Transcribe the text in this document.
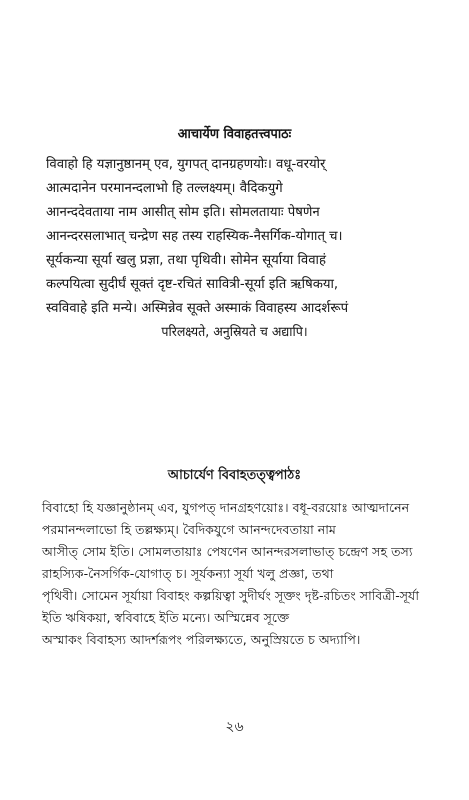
आचार्येण विवाहतत्त्वपाठः
विवाहो हि यज्ञानुष्ठानम् एव, युगपत् दानग्रहणयोः। वधू-वरयोर्
आत्मदानेन परमानन्दलाभो हि तल्लक्ष्यम्। वैदिकयुगे
आनन्ददेवताया नाम आसीत् सोम इति। सोमलतायाः पेषणेन
आनन्दरसलाभात् चन्द्रेण सह तस्य राहस्यिक-नैसर्गिक-योगात् च।
सूर्यकन्या सूर्या खलु प्रज्ञा, तथा पृथिवी। सोमेन सूर्याया विवाहं
कल्पयित्वा सुदीर्घं सूक्तं दृष्ट-रचितं सावित्री-सूर्या इति ऋषिकया,
स्वविवाहे इति मन्ये। अस्मिन्नेव सूक्ते अस्माकं विवाहस्य आदर्शरूपं
परिलक्ष्यते, अनुस्रियते च अद्यापि।
আচার্যেণ বিবাহতত্ত্বপাঠঃ
বিবাহো হি যজ্ঞানুষ্ঠানম্ এব, যুগপত্ দানগ্রহণয়োঃ। বধূ-বরয়োঃ আত্মদানেন
পরমানন্দলাভো হি তল্লক্ষ্যম্। বৈদিকযুগে আনন্দদেবতায়া নাম
আসীত্ সোম ইতি। সোমলতায়াঃ পেষণেন আনন্দরসলাভাত্ চন্দ্রেণ সহ তস্য
রাহস্যিক-নৈসর্গিক-যোগাত্ চ। সূর্যকন্যা সূর্যা খলু প্রজ্ঞা, তথা
পৃথিবী। সোমেন সূর্যায়া বিবাহং কল্পয়িত্বা সুদীর্ঘং সূক্তং দৃষ্ট-রচিতং সাবিত্রী-সূর্যা
ইতি ঋষিকয়া, স্ববিবাহে ইতি মন্যে। অস্মিন্নেব সূক্তে
অস্মাকং বিবাহস্য আদর্শরূপং পরিলক্ষ্যতে, অনুস্রিয়তে চ অদ্যাপি।
২৬
